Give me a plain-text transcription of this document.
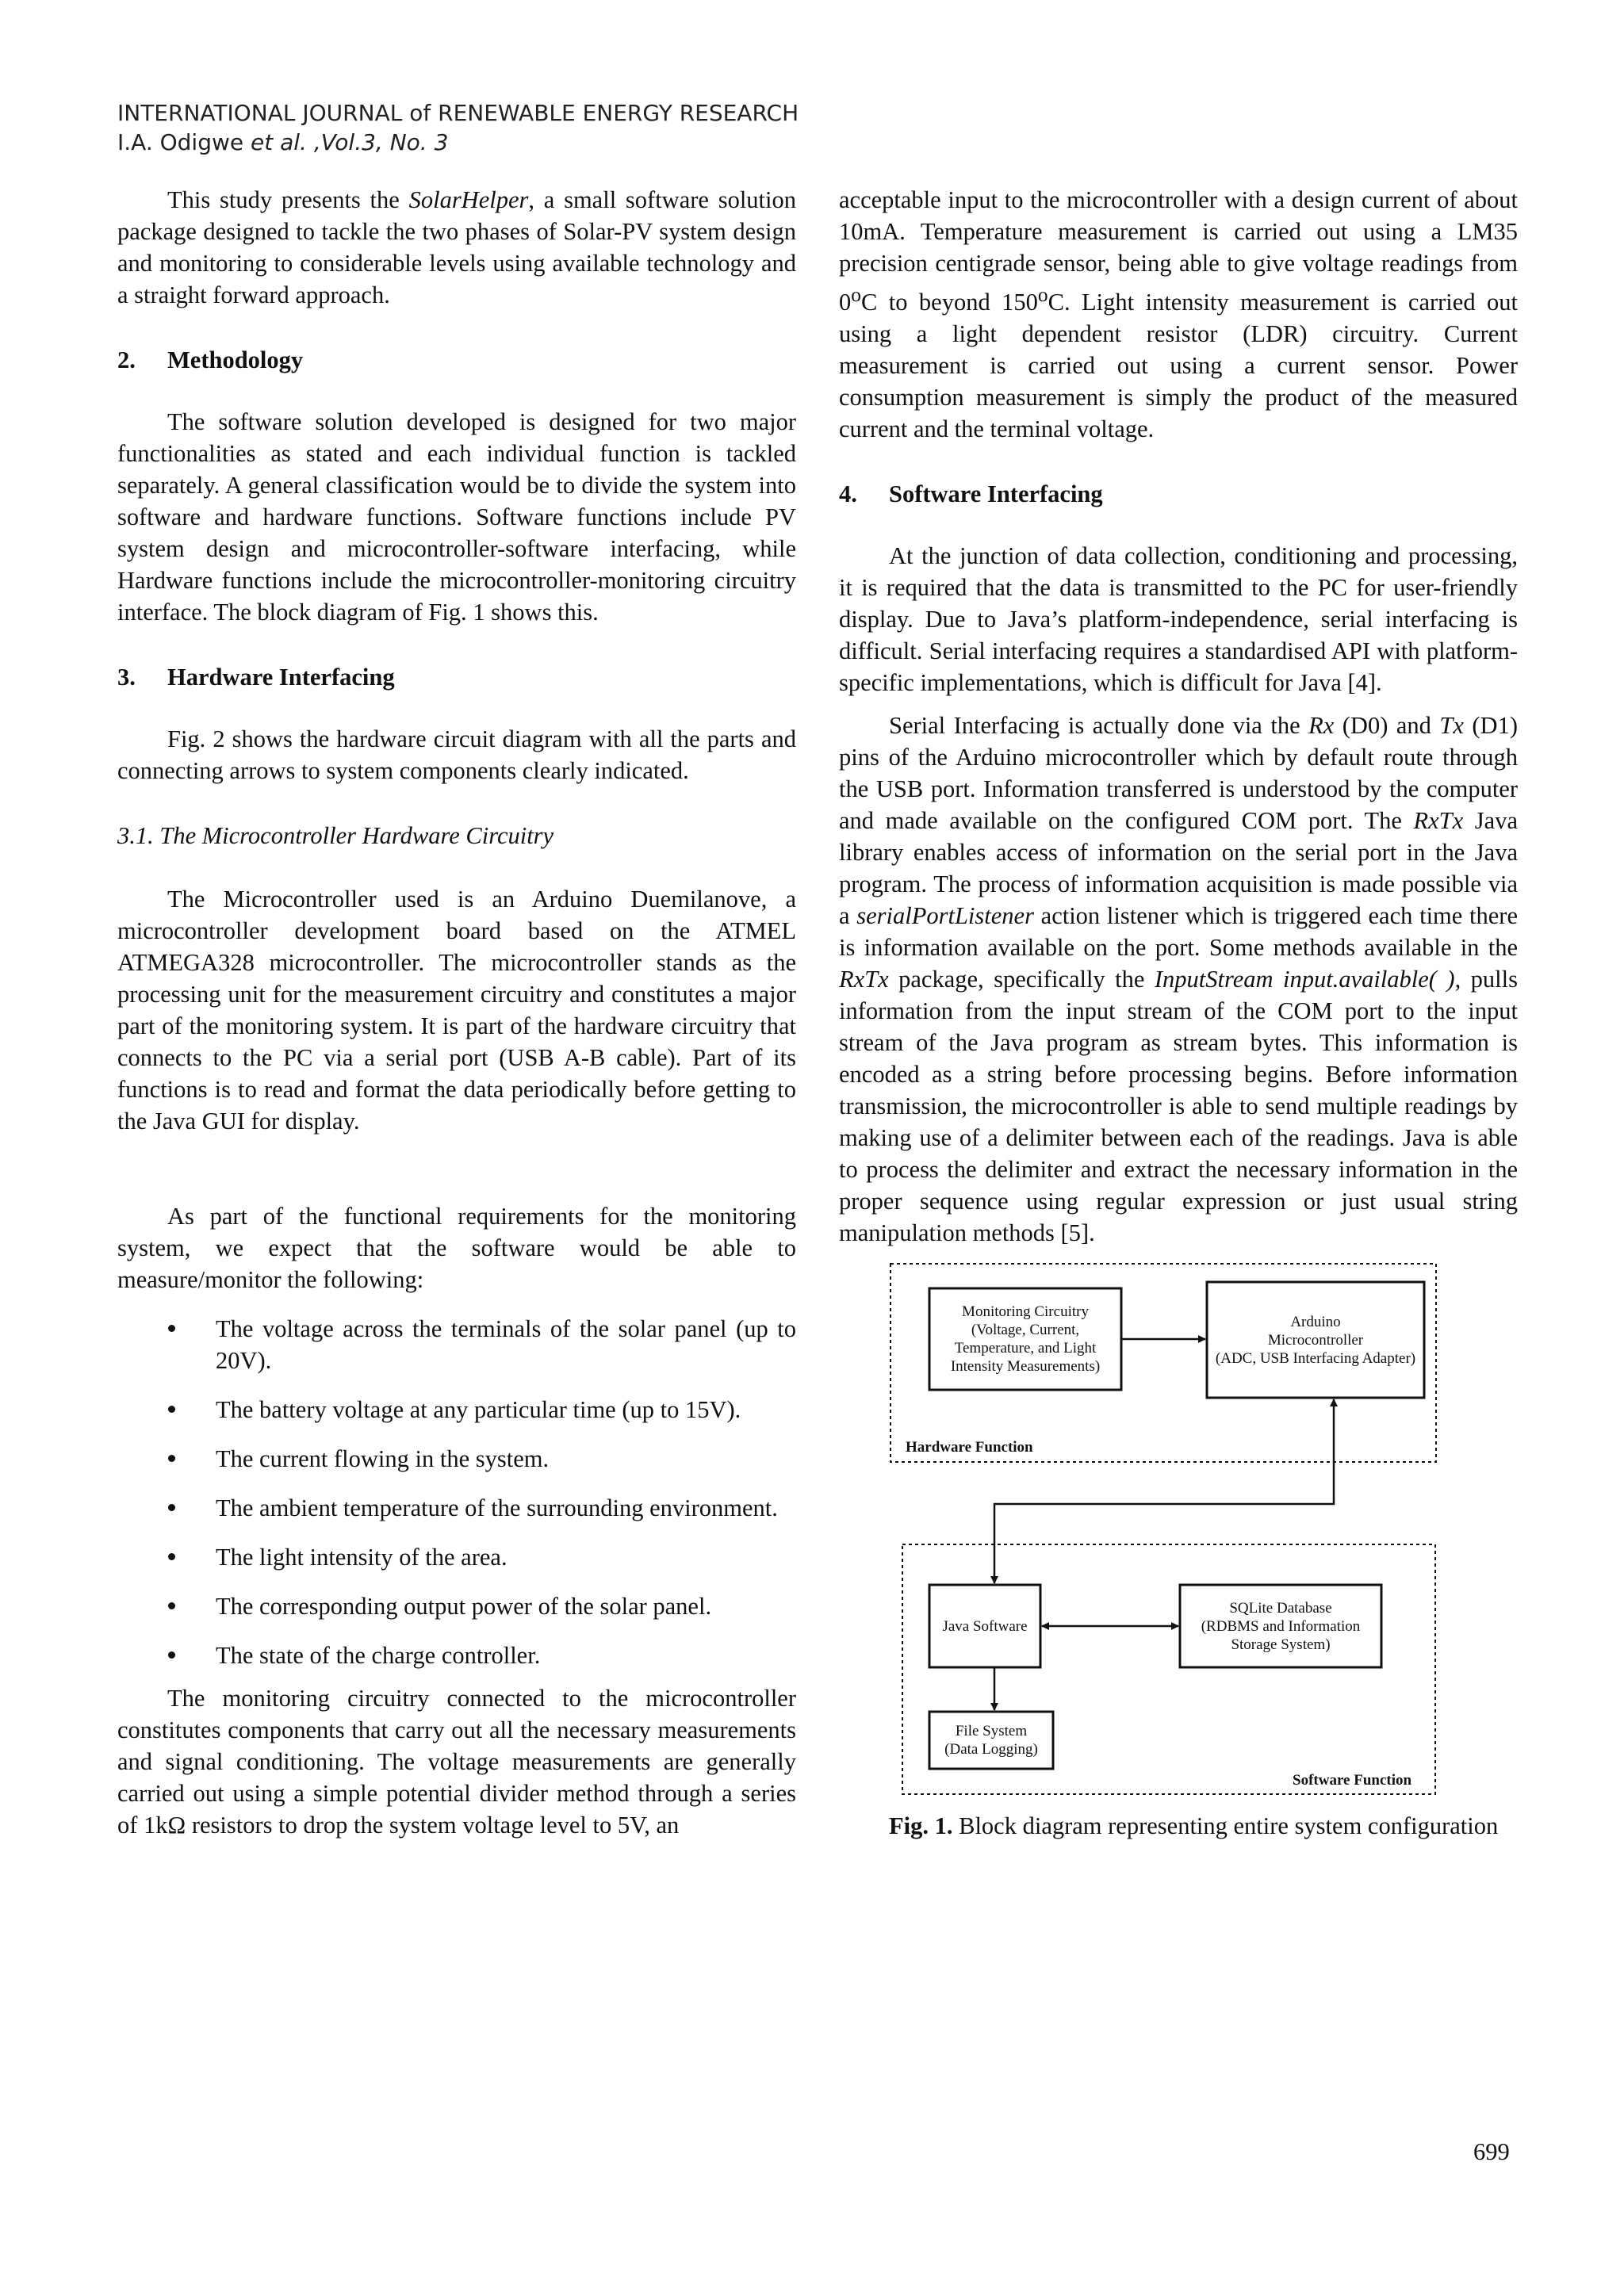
INTERNATIONAL JOURNAL of RENEWABLE ENERGY RESEARCH
I.A. Odigwe et al. ,Vol.3, No. 3

This study presents the SolarHelper, a small software solution package designed to tackle the two phases of Solar-PV system design and monitoring to considerable levels using available technology and a straight forward approach.

2. Methodology

The software solution developed is designed for two major functionalities as stated and each individual function is tackled separately. A general classification would be to divide the system into software and hardware functions. Software functions include PV system design and microcontroller-software interfacing, while Hardware functions include the microcontroller-monitoring circuitry interface. The block diagram of Fig. 1 shows this.

3. Hardware Interfacing

Fig. 2 shows the hardware circuit diagram with all the parts and connecting arrows to system components clearly indicated.

3.1. The Microcontroller Hardware Circuitry

The Microcontroller used is an Arduino Duemilanove, a microcontroller development board based on the ATMEL ATMEGA328 microcontroller. The microcontroller stands as the processing unit for the measurement circuitry and constitutes a major part of the monitoring system. It is part of the hardware circuitry that connects to the PC via a serial port (USB A-B cable). Part of its functions is to read and format the data periodically before getting to the Java GUI for display.

As part of the functional requirements for the monitoring system, we expect that the software would be able to measure/monitor the following:

The voltage across the terminals of the solar panel (up to 20V).
The battery voltage at any particular time (up to 15V).
The current flowing in the system.
The ambient temperature of the surrounding environment.
The light intensity of the area.
The corresponding output power of the solar panel.
The state of the charge controller.

The monitoring circuitry connected to the microcontroller constitutes components that carry out all the necessary measurements and signal conditioning. The voltage measurements are generally carried out using a simple potential divider method through a series of 1kΩ resistors to drop the system voltage level to 5V, an

acceptable input to the microcontroller with a design current of about 10mA. Temperature measurement is carried out using a LM35 precision centigrade sensor, being able to give voltage readings from 0$^o$C to beyond 150$^o$C. Light intensity measurement is carried out using a light dependent resistor (LDR) circuitry. Current measurement is carried out using a current sensor. Power consumption measurement is simply the product of the measured current and the terminal voltage.

4. Software Interfacing

At the junction of data collection, conditioning and processing, it is required that the data is transmitted to the PC for user-friendly display. Due to Java’s platform-independence, serial interfacing is difficult. Serial interfacing requires a standardised API with platform-specific implementations, which is difficult for Java [4].

Serial Interfacing is actually done via the Rx (D0) and Tx (D1) pins of the Arduino microcontroller which by default route through the USB port. Information transferred is understood by the computer and made available on the configured COM port. The RxTx Java library enables access of information on the serial port in the Java program. The process of information acquisition is made possible via a serialPortListener action listener which is triggered each time there is information available on the port. Some methods available in the RxTx package, specifically the InputStream input.available( ), pulls information from the input stream of the COM port to the input stream of the Java program as stream bytes. This information is encoded as a string before processing begins. Before information transmission, the microcontroller is able to send multiple readings by making use of a delimiter between each of the readings. Java is able to process the delimiter and extract the necessary information in the proper sequence using regular expression or just usual string manipulation methods [5].

Monitoring Circuitry
(Voltage, Current,
Temperature, and Light
Intensity Measurements)
Arduino
Microcontroller
(ADC, USB Interfacing Adapter)
Java Software
SQLite Database
(RDBMS and Information
Storage System)
File System
(Data Logging)
Hardware Function
Software Function

Fig. 1. Block diagram representing entire system configuration

699
